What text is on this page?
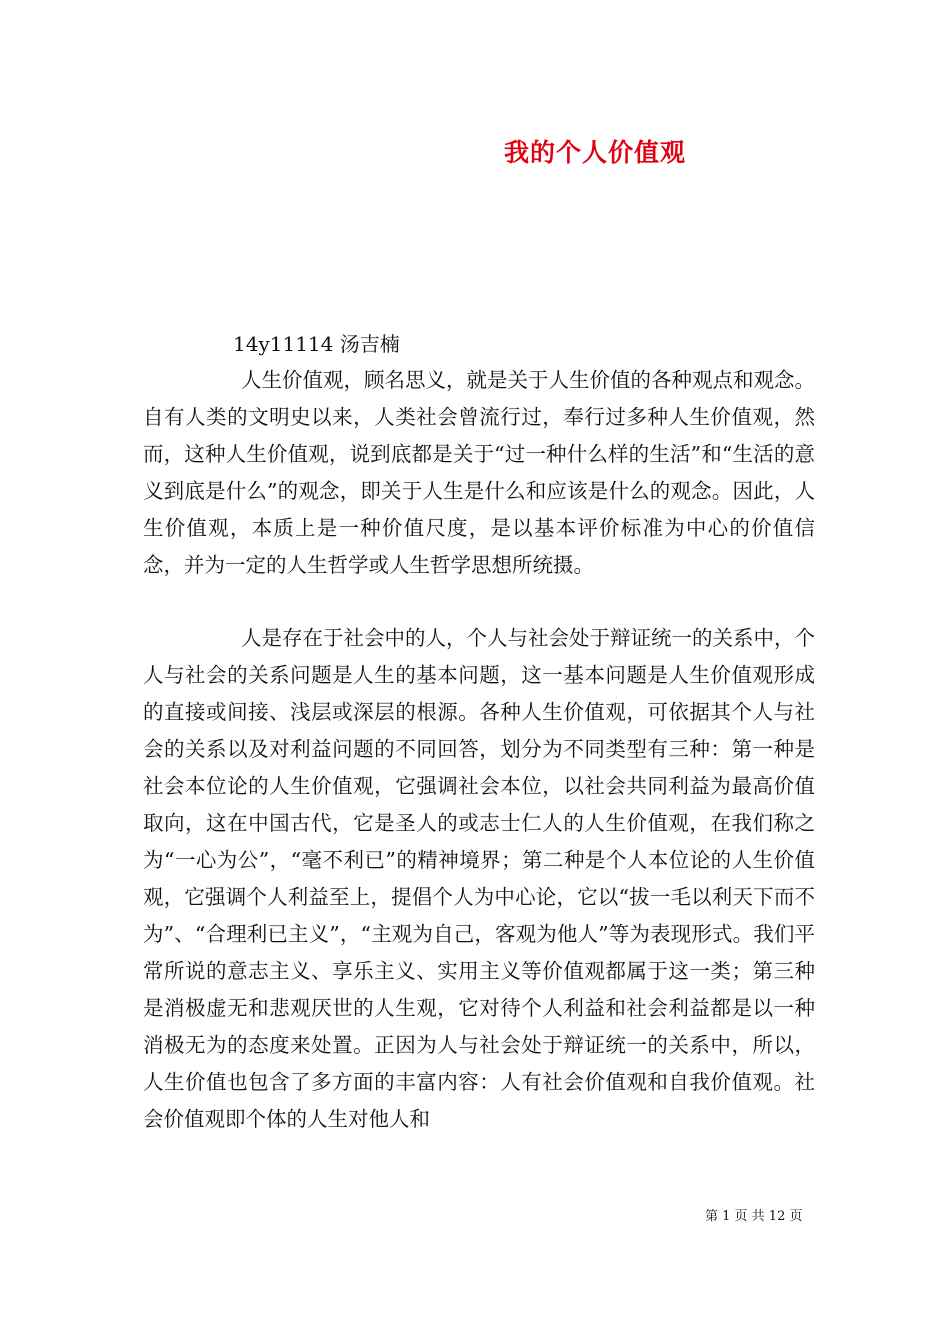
我的个人价值观

14y11114 汤吉楠

人生价值观，顾名思义，就是关于人生价值的各种观点和观念。自有人类的文明史以来，人类社会曾流行过，奉行过多种人生价值观，然而，这种人生价值观，说到底都是关于“过一种什么样的生活”和“生活的意义到底是什么”的观念，即关于人生是什么和应该是什么的观念。因此，人生价值观，本质上是一种价值尺度，是以基本评价标准为中心的价值信念，并为一定的人生哲学或人生哲学思想所统摄。

人是存在于社会中的人，个人与社会处于辩证统一的关系中，个人与社会的关系问题是人生的基本问题，这一基本问题是人生价值观形成的直接或间接、浅层或深层的根源。各种人生价值观，可依据其个人与社会的关系以及对利益问题的不同回答，划分为不同类型有三种：第一种是社会本位论的人生价值观，它强调社会本位，以社会共同利益为最高价值取向，这在中国古代，它是圣人的或志士仁人的人生价值观，在我们称之为“一心为公”，“毫不利已”的精神境界；第二种是个人本位论的人生价值观，它强调个人利益至上，提倡个人为中心论，它以“拔一毛以利天下而不为”、“合理利已主义”，“主观为自己，客观为他人”等为表现形式。我们平常所说的意志主义、享乐主义、实用主义等价值观都属于这一类；第三种是消极虚无和悲观厌世的人生观，它对待个人利益和社会利益都是以一种消极无为的态度来处置。正因为人与社会处于辩证统一的关系中，所以，人生价值也包含了多方面的丰富内容：人有社会价值观和自我价值观。社会价值观即个体的人生对他人和

第 1 页 共 12 页
